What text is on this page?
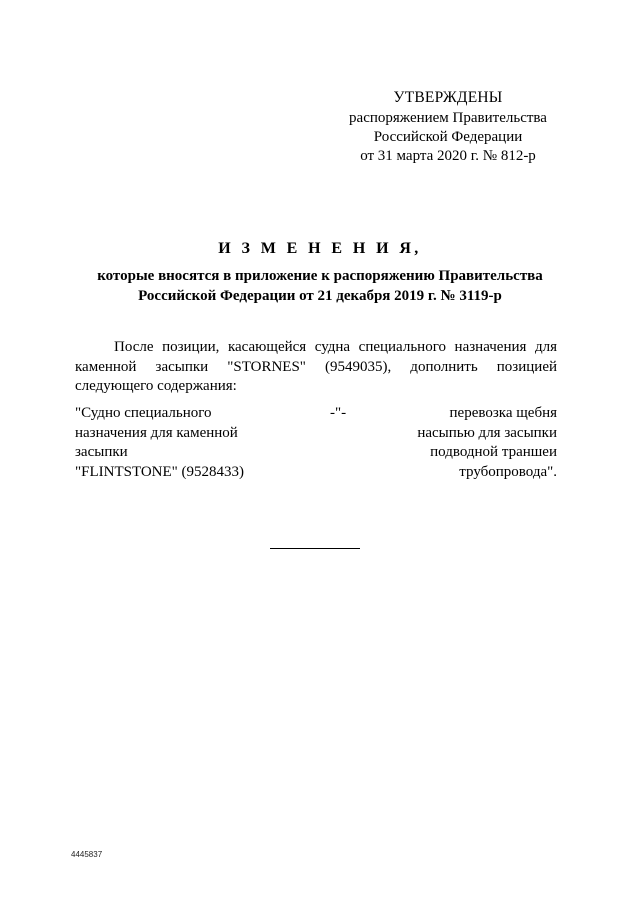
УТВЕРЖДЕНЫ
распоряжением Правительства
Российской Федерации
от 31 марта 2020 г. № 812-р
И З М Е Н Е Н И Я,
которые вносятся в приложение к распоряжению Правительства
Российской Федерации от 21 декабря 2019 г. № 3119-р
После позиции, касающейся судна специального назначения для каменной засыпки "STORNES" (9549035), дополнить позицией следующего содержания:
"Судно специального
назначения для каменной
засыпки
"FLINTSTONE" (9528433)
-"-	перевозка щебня
насыпью для засыпки
подводной траншеи
трубопровода".
4445837
